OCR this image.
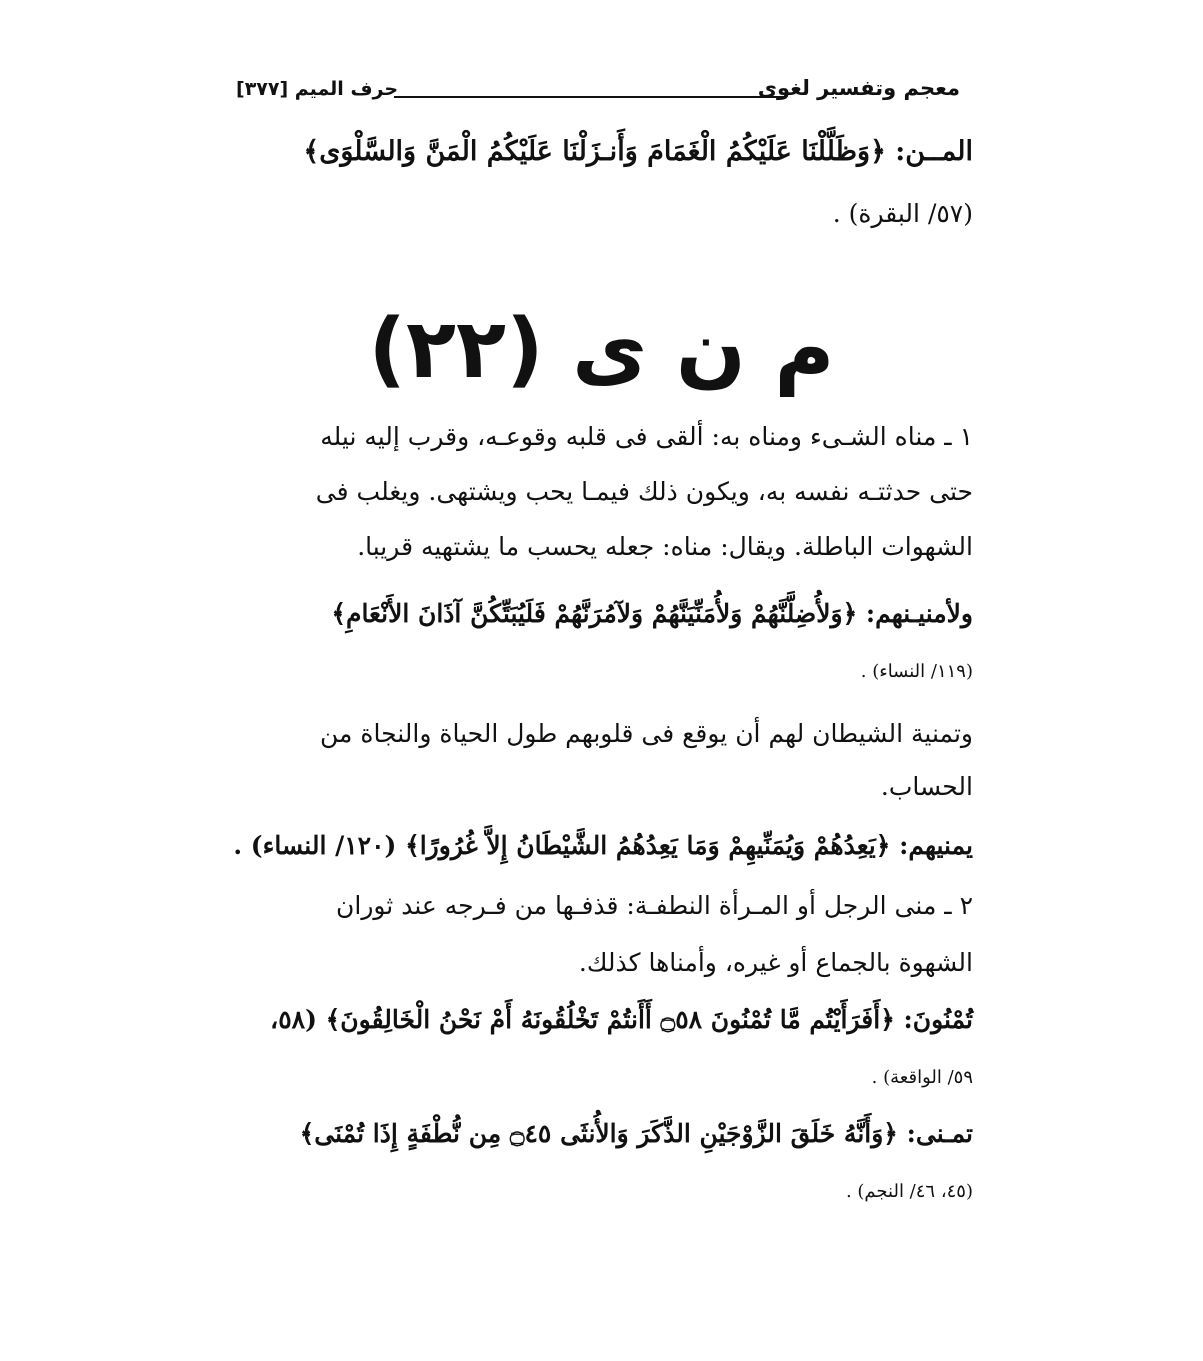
معجم وتفسير لغوى
حرف الميم [٣٧٧]
المــن: ﴿وَظَلَّلْنَا عَلَيْكُمُ الْغَمَامَ وَأَنـزَلْنَا عَلَيْكُمُ الْمَنَّ وَالسَّلْوَى﴾
(٥٧/ البقرة) .
م ن ى (٢٢)
١ ـ مناه الشـىء ومناه به: ألقى فى قلبه وقوعـه، وقرب إليه نيله
حتى حدثتـه نفسه به، ويكون ذلك فيمـا يحب ويشتهى. ويغلب فى
الشهوات الباطلة. ويقال: مناه: جعله يحسب ما يشتهيه قريبا.
ولأمنيـنهم: ﴿وَلأُضِلَّنَّهُمْ وَلأُمَنِّيَنَّهُمْ وَلآمُرَنَّهُمْ فَلَيُبَتِّكُنَّ آذَانَ الأَنْعَامِ﴾
(١١٩/ النساء) .
وتمنية الشيطان لهم أن يوقع فى قلوبهم طول الحياة والنجاة من
الحساب.
يمنيهم: ﴿يَعِدُهُمْ وَيُمَنِّيهِمْ وَمَا يَعِدُهُمُ الشَّيْطَانُ إِلاَّ غُرُورًا﴾ (١٢٠/ النساء) .
٢ ـ منى الرجل أو المـرأة النطفـة: قذفـها من فـرجه عند ثوران
الشهوة بالجماع أو غيره، وأمناها كذلك.
تُمْنُونَ: ﴿أَفَرَأَيْتُم مَّا تُمْنُونَ ۝٥٨ أَأَنتُمْ تَخْلُقُونَهُ أَمْ نَحْنُ الْخَالِقُونَ﴾ (٥٨،
٥٩/ الواقعة) .
تمـنى: ﴿وَأَنَّهُ خَلَقَ الزَّوْجَيْنِ الذَّكَرَ وَالأُنثَى ۝٤٥ مِن نُّطْفَةٍ إِذَا تُمْنَى﴾
(٤٥، ٤٦/ النجم) .
